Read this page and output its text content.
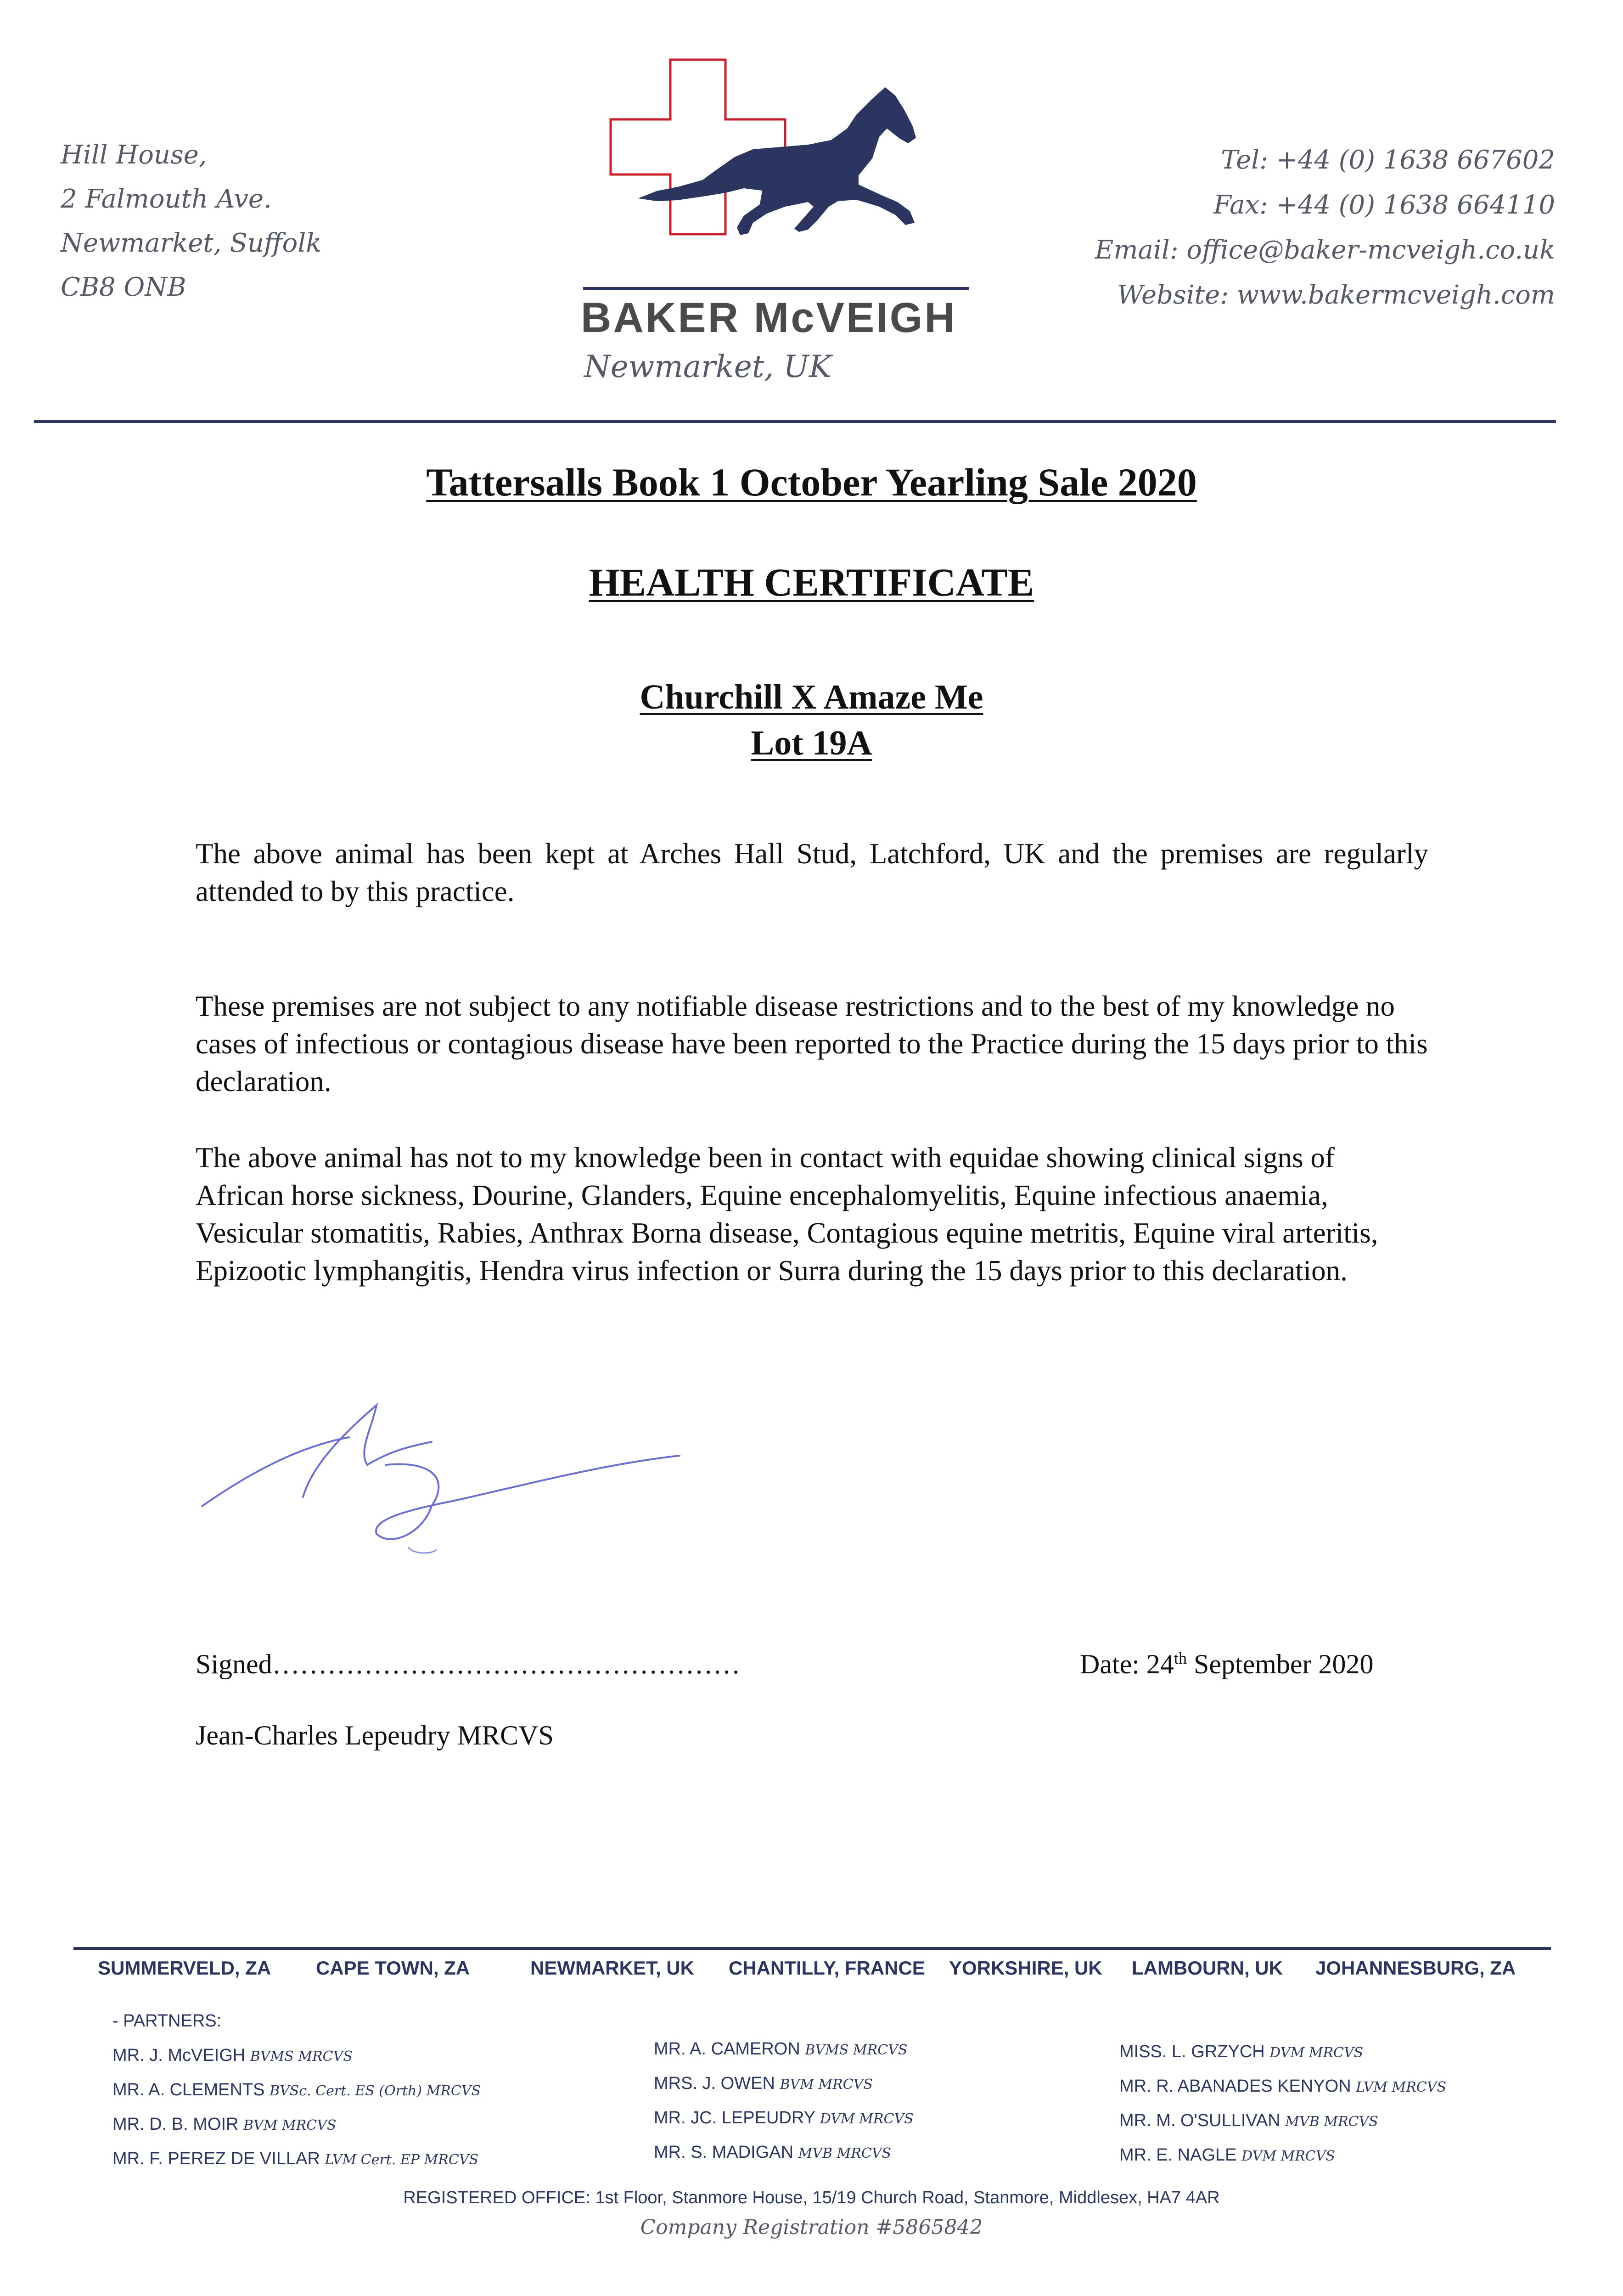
Hill House,
2 Falmouth Ave.
Newmarket, Suffolk
CB8 ONB
BAKER McVEIGH
Newmarket, UK
Tel: +44 (0) 1638 667602
Fax: +44 (0) 1638 664110
Email: office@baker-mcveigh.co.uk
Website: www.bakermcveigh.com
Tattersalls Book 1 October Yearling Sale 2020
HEALTH CERTIFICATE
Churchill X Amaze Me
Lot 19A
The above animal has been kept at Arches Hall Stud, Latchford, UK and the premises are regularly attended to by this practice.
These premises are not subject to any notifiable disease restrictions and to the best of my knowledge no cases of infectious or contagious disease have been reported to the Practice during the 15 days prior to this declaration.
The above animal has not to my knowledge been in contact with equidae showing clinical signs of African horse sickness, Dourine, Glanders, Equine encephalomyelitis, Equine infectious anaemia, Vesicular stomatitis, Rabies, Anthrax Borna disease, Contagious equine metritis, Equine viral arteritis, Epizootic lymphangitis, Hendra virus infection or Surra during the 15 days prior to this declaration.
Signed……………………………………………	Date: 24th September 2020
Jean-Charles Lepeudry MRCVS
SUMMERVELD, ZA CAPE TOWN, ZA	NEWMARKET, UK CHANTILLY, FRANCE YORKSHIRE, UK LAMBOURN, UK JOHANNESBURG, ZA
- PARTNERS:
MR. J. McVEIGH BVMS MRCVS
MR. A. CLEMENTS BVSc. Cert. ES (Orth) MRCVS
MR. D. B. MOIR BVM MRCVS
MR. F. PEREZ DE VILLAR LVM Cert. EP MRCVS
MR. A. CAMERON BVMS MRCVS
MRS. J. OWEN BVM MRCVS
MR. JC. LEPEUDRY DVM MRCVS
MR. S. MADIGAN MVB MRCVS
MISS. L. GRZYCH DVM MRCVS
MR. R. ABANADES KENYON LVM MRCVS
MR. M. O'SULLIVAN MVB MRCVS
MR. E. NAGLE DVM MRCVS
REGISTERED OFFICE: 1st Floor, Stanmore House, 15/19 Church Road, Stanmore, Middlesex, HA7 4AR
Company Registration #5865842
